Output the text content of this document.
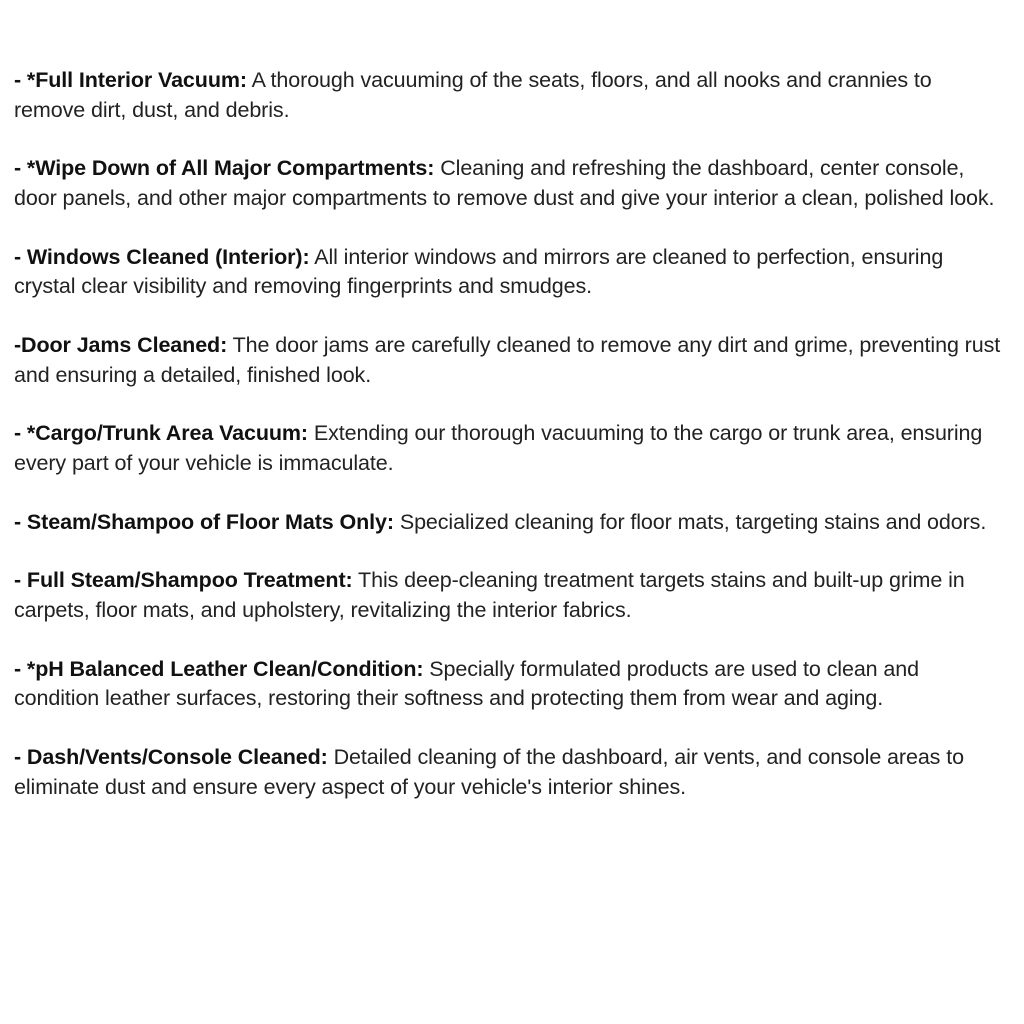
- *Full Interior Vacuum: A thorough vacuuming of the seats, floors, and all nooks and crannies to remove dirt, dust, and debris.
- *Wipe Down of All Major Compartments: Cleaning and refreshing the dashboard, center console, door panels, and other major compartments to remove dust and give your interior a clean, polished look.
- Windows Cleaned (Interior): All interior windows and mirrors are cleaned to perfection, ensuring crystal clear visibility and removing fingerprints and smudges.
-Door Jams Cleaned: The door jams are carefully cleaned to remove any dirt and grime, preventing rust and ensuring a detailed, finished look.
- *Cargo/Trunk Area Vacuum: Extending our thorough vacuuming to the cargo or trunk area, ensuring every part of your vehicle is immaculate.
- Steam/Shampoo of Floor Mats Only: Specialized cleaning for floor mats, targeting stains and odors.
- Full Steam/Shampoo Treatment: This deep-cleaning treatment targets stains and built-up grime in carpets, floor mats, and upholstery, revitalizing the interior fabrics.
- *pH Balanced Leather Clean/Condition: Specially formulated products are used to clean and condition leather surfaces, restoring their softness and protecting them from wear and aging.
- Dash/Vents/Console Cleaned: Detailed cleaning of the dashboard, air vents, and console areas to eliminate dust and ensure every aspect of your vehicle's interior shines.
